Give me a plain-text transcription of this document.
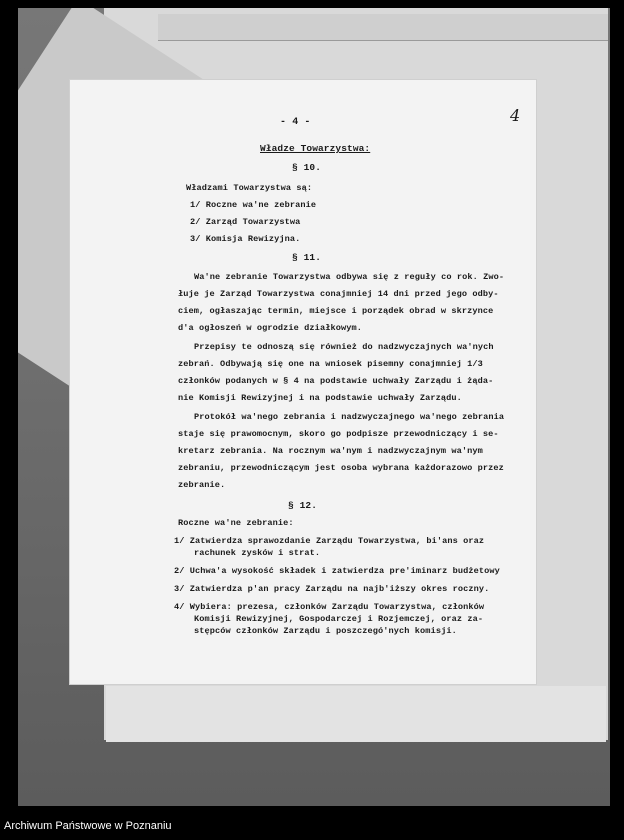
- 4 -	4
Władze Towarzystwa:
§ 10.
Władzami Towarzystwa są:
1/ Roczne wa'ne zebranie
2/ Zarząd Towarzystwa
3/ Komisja Rewizyjna.
§ 11.
Wa'ne zebranie Towarzystwa odbywa się z reguły co rok. Zwo-
łuje je Zarząd Towarzystwa conajmniej 14 dni przed jego odby-
ciem, ogłaszając termin, miejsce i porządek obrad w skrzynce
d'a ogłoszeń w ogrodzie działkowym.
Przepisy te odnoszą się również do nadzwyczajnych wa'nych
zebrań. Odbywają się one na wniosek pisemny conajmniej 1/3
członków podanych w § 4 na podstawie uchwały Zarządu i żąda-
nie Komisji Rewizyjnej i na podstawie uchwały Zarządu.
Protokół wa'nego zebrania i nadzwyczajnego wa'nego zebrania
staje się prawomocnym, skoro go podpisze przewodniczący i se-
kretarz zebrania. Na rocznym wa'nym i nadzwyczajnym wa'nym
zebraniu, przewodniczącym jest osoba wybrana każdorazowo przez
zebranie.
§ 12.
Roczne wa'ne zebranie:
1/ Zatwierdza sprawozdanie Zarządu Towarzystwa, bi'ans oraz
rachunek zysków i strat.
2/ Uchwa'a wysokość składek i zatwierdza pre'iminarz budżetowy
3/ Zatwierdza p'an pracy Zarządu na najb'iższy okres roczny.
4/ Wybiera: prezesa, członków Zarządu Towarzystwa, członków
Komisji Rewizyjnej, Gospodarczej i Rozjemczej, oraz za-
stępców członków Zarządu i poszczegó'nych komisji.
Archiwum Państwowe w Poznaniu
